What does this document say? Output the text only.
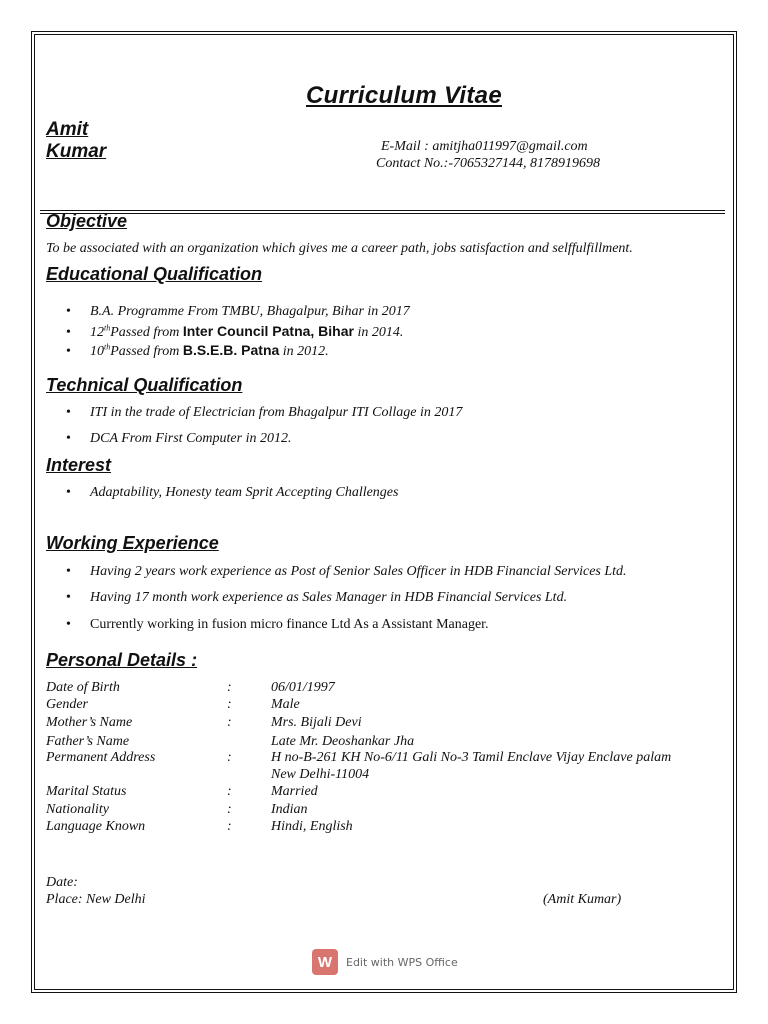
Curriculum Vitae
Amit
Kumar	E-Mail : amitjha011997@gmail.com
Contact No.:-7065327144, 8178919698
Objective
To be associated with an organization which gives me a career path, jobs satisfaction and selffulfillment.
Educational Qualification
• B.A. Programme From TMBU, Bhagalpur, Bihar in 2017
• 12thPassed from Inter Council Patna, Bihar in 2014.
• 10thPassed from B.S.E.B. Patna in 2012.
Technical Qualification
• ITI in the trade of Electrician from Bhagalpur ITI Collage in 2017
• DCA From First Computer in 2012.
Interest
• Adaptability, Honesty team Sprit Accepting Challenges
Working Experience
• Having 2 years work experience as Post of Senior Sales Officer in HDB Financial Services Ltd.
• Having 17 month work experience as Sales Manager in HDB Financial Services Ltd.
• Currently working in fusion micro finance Ltd As a Assistant Manager.
Personal Details :
Date of Birth	:	06/01/1997
Gender	:	Male
Mother’s Name	:	Mrs. Bijali Devi
Father’s Name	Late Mr. Deoshankar Jha
Permanent Address	:	H no-B-261 KH No-6/11 Gali No-3 Tamil Enclave Vijay Enclave palam
New Delhi-11004
Marital Status	:	Married
Nationality	:	Indian
Language Known	:	Hindi, English
Date:
Place: New Delhi	(Amit Kumar)
W	Edit with WPS Office
